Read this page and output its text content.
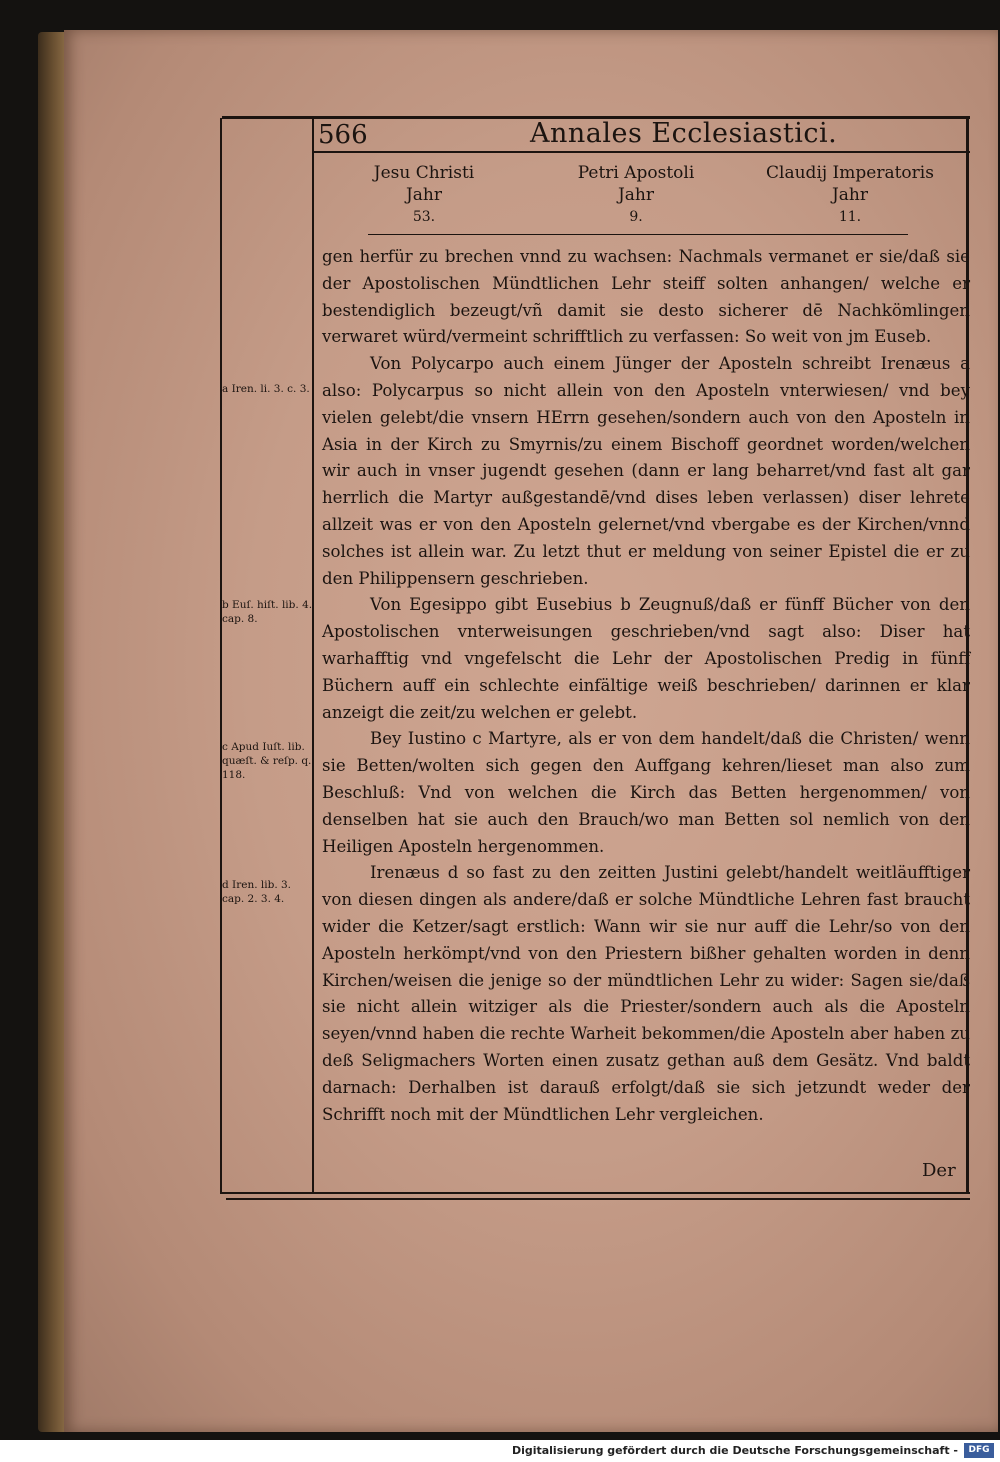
566	Annales Ecclesiastici.
Jesu Christi
Jahr
53.
Petri Apostoli
Jahr
9.
Claudij Imperatoris
Jahr
11.
a Iren. li. 3. c. 3.
b Euſ. hiſt. lib. 4. cap. 8.
c Apud Iuſt. lib. quæſt. & reſp. q. 118.
d Iren. lib. 3. cap. 2. 3. 4.

gen herfür zu brechen vnnd zu wachsen: Nachmals vermanet er sie/daß sie der Apostolischen Mündtlichen Lehr steiff solten anhangen/ welche er bestendiglich bezeugt/vñ damit sie desto sicherer dē Nachkömlingen verwaret würd/vermeint schrifftlich zu verfassen: So weit von jm Euseb.

Von Polycarpo auch einem Jünger der Aposteln schreibt Irenæus a also: Polycarpus so nicht allein von den Aposteln vnterwiesen/ vnd bey vielen gelebt/die vnsern HErrn gesehen/sondern auch von den Aposteln in Asia in der Kirch zu Smyrnis/zu einem Bischoff geordnet worden/welchen wir auch in vnser jugendt gesehen (dann er lang beharret/vnd fast alt gar herrlich die Martyr außgestandē/vnd dises leben verlassen) diser lehrete allzeit was er von den Aposteln gelernet/vnd vbergabe es der Kirchen/vnnd solches ist allein war. Zu letzt thut er meldung von seiner Epistel die er zu den Philippensern geschrieben.

Von Egesippo gibt Eusebius b Zeugnuß/daß er fünff Bücher von den Apostolischen vnterweisungen geschrieben/vnd sagt also: Diser hat warhafftig vnd vngefelscht die Lehr der Apostolischen Predig in fünff Büchern auff ein schlechte einfältige weiß beschrieben/ darinnen er klar anzeigt die zeit/zu welchen er gelebt.

Bey Iustino c Martyre, als er von dem handelt/daß die Christen/ wenn sie Betten/wolten sich gegen den Auffgang kehren/lieset man also zum Beschluß: Vnd von welchen die Kirch das Betten hergenommen/ von denselben hat sie auch den Brauch/wo man Betten sol nemlich von den Heiligen Aposteln hergenommen.

Irenæus d so fast zu den zeitten Justini gelebt/handelt weitläufftiger von diesen dingen als andere/daß er solche Mündtliche Lehren fast braucht wider die Ketzer/sagt erstlich: Wann wir sie nur auff die Lehr/so von den Aposteln herkömpt/vnd von den Priestern bißher gehalten worden in denn Kirchen/weisen die jenige so der mündtlichen Lehr zu wider: Sagen sie/daß sie nicht allein witziger als die Priester/sondern auch als die Aposteln seyen/vnnd haben die rechte Warheit bekommen/die Aposteln aber haben zu deß Seligmachers Worten einen zusatz gethan auß dem Gesätz. Vnd baldt darnach: Derhalben ist darauß erfolgt/daß sie sich jetzundt weder der Schrifft noch mit der Mündtlichen Lehr vergleichen.

Der
Digitalisierung gefördert durch die Deutsche Forschungsgemeinschaft -	DFG
